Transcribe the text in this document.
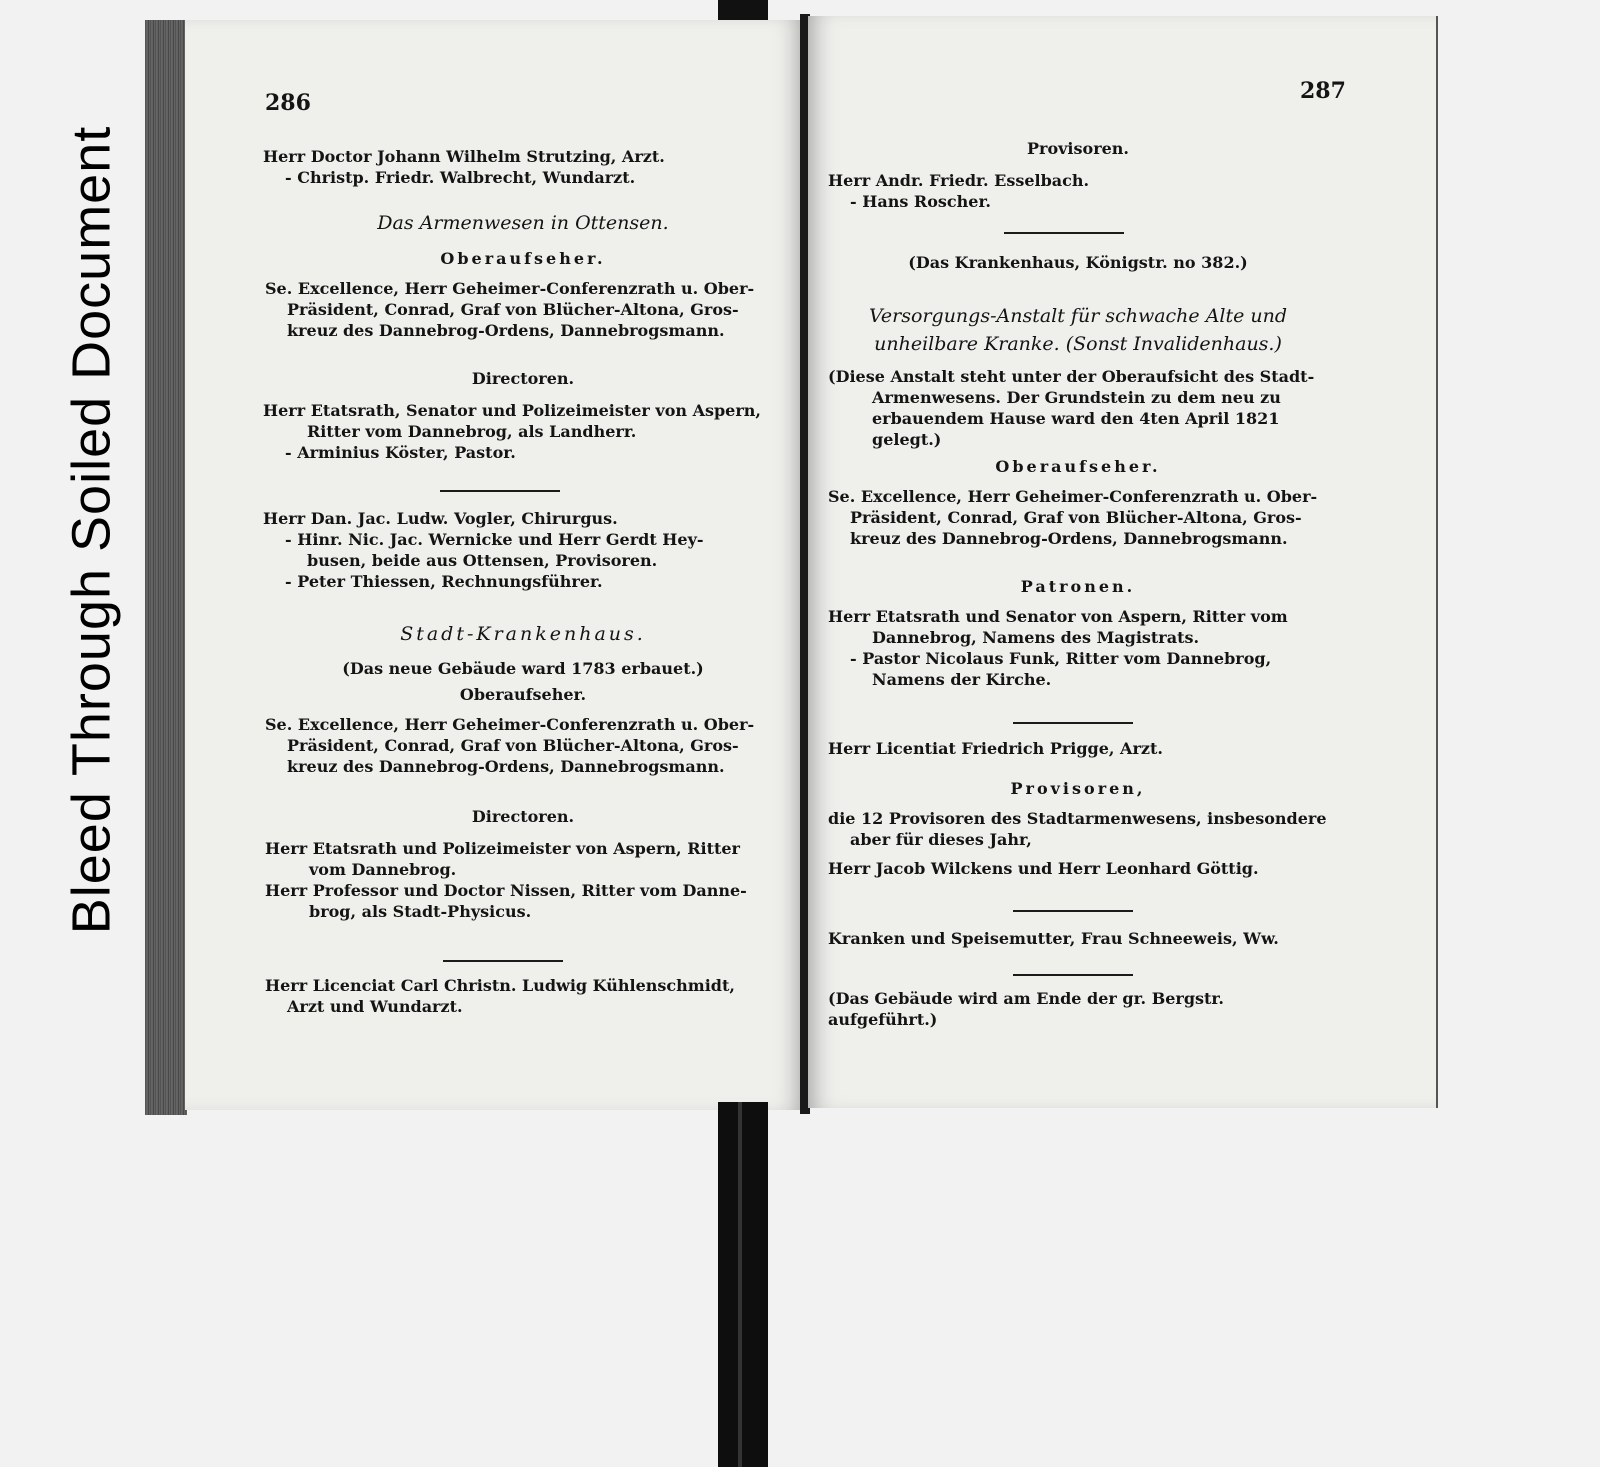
Bleed Through Soiled Document
286
Herr Doctor Johann Wilhelm Strutzing, Arzt.
- Christp. Friedr. Walbrecht, Wundarzt.
Das Armenwesen in Ottensen.
Oberaufseher.
Se. Excellence, Herr Geheimer-Conferenzrath u. Ober-
Präsident, Conrad, Graf von Blücher-Altona, Gros-
kreuz des Dannebrog-Ordens, Dannebrogsmann.
Directoren.
Herr Etatsrath, Senator und Polizeimeister von Aspern,
Ritter vom Dannebrog, als Landherr.
- Arminius Köster, Pastor.
Herr Dan. Jac. Ludw. Vogler, Chirurgus.
- Hinr. Nic. Jac. Wernicke und Herr Gerdt Hey-
busen, beide aus Ottensen, Provisoren.
- Peter Thiessen, Rechnungsführer.
Stadt-Krankenhaus.
(Das neue Gebäude ward 1783 erbauet.)
Oberaufseher.
Se. Excellence, Herr Geheimer-Conferenzrath u. Ober-
Präsident, Conrad, Graf von Blücher-Altona, Gros-
kreuz des Dannebrog-Ordens, Dannebrogsmann.
Directoren.
Herr Etatsrath und Polizeimeister von Aspern, Ritter
vom Dannebrog.
Herr Professor und Doctor Nissen, Ritter vom Danne-
brog, als Stadt-Physicus.
Herr Licenciat Carl Christn. Ludwig Kühlenschmidt,
Arzt und Wundarzt.
287
Provisoren.
Herr Andr. Friedr. Esselbach.
- Hans Roscher.
(Das Krankenhaus, Königstr. no 382.)
Versorgungs-Anstalt für schwache Alte und
unheilbare Kranke. (Sonst Invalidenhaus.)
(Diese Anstalt steht unter der Oberaufsicht des Stadt-
Armenwesens. Der Grundstein zu dem neu zu
erbauendem Hause ward den 4ten April 1821
gelegt.)
Oberaufseher.
Se. Excellence, Herr Geheimer-Conferenzrath u. Ober-
Präsident, Conrad, Graf von Blücher-Altona, Gros-
kreuz des Dannebrog-Ordens, Dannebrogsmann.
Patronen.
Herr Etatsrath und Senator von Aspern, Ritter vom
Dannebrog, Namens des Magistrats.
- Pastor Nicolaus Funk, Ritter vom Dannebrog,
Namens der Kirche.
Herr Licentiat Friedrich Prigge, Arzt.
Provisoren,
die 12 Provisoren des Stadtarmenwesens, insbesondere
aber für dieses Jahr,
Herr Jacob Wilckens und Herr Leonhard Göttig.
Kranken und Speisemutter, Frau Schneeweis, Ww.
(Das Gebäude wird am Ende der gr. Bergstr. aufgeführt.)
